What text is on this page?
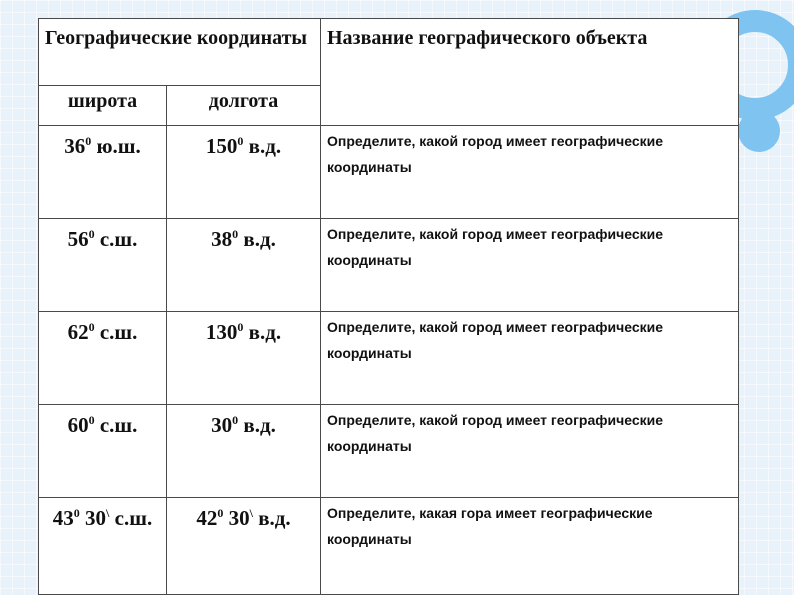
Географические координаты		Название географического объекта
широта	долгота	
$36^0$ ю.ш.	$150^0$ в.д.	Определите, какой город имеет географические координаты
$56^0$ с.ш.	$38^0$ в.д.	Определите, какой город имеет географические координаты
$62^0$ с.ш.	$130^0$ в.д.	Определите, какой город имеет географические координаты
$60^0$ с.ш.	$30^0$ в.д.	Определите, какой город имеет географические координаты
$43^0$ 30\ с.ш.	$42^0$ 30\ в.д.	Определите, какая гора имеет географические координаты
